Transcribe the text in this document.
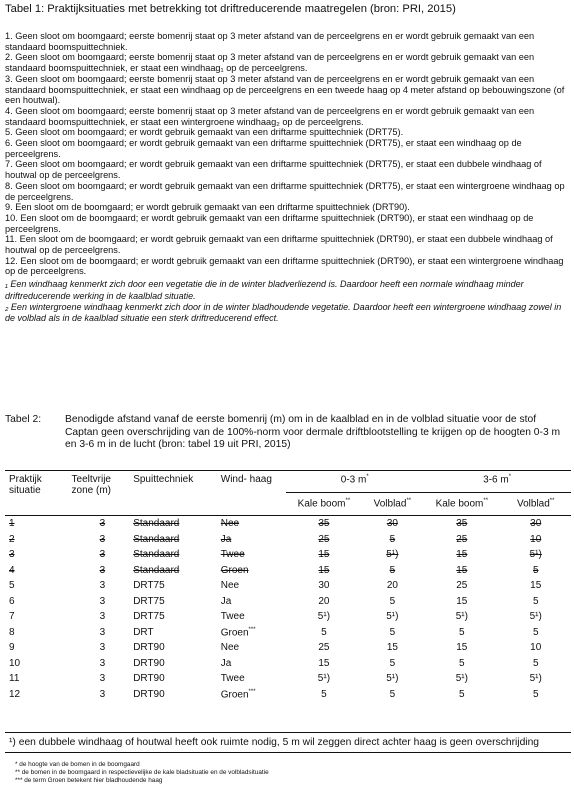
Tabel 1: Praktijksituaties met betrekking tot driftreducerende maatregelen (bron: PRI, 2015)

1. Geen sloot om boomgaard; eerste bomenrij staat op 3 meter afstand van de perceelgrens en er wordt gebruik gemaakt van een standaard boomspuittechniek.

2. Geen sloot om boomgaard; eerste bomenrij staat op 3 meter afstand van de perceelgrens en er wordt gebruik gemaakt van een standaard boomspuittechniek, er staat een windhaag₁ op de perceelgrens.

3. Geen sloot om boomgaard; eerste bomenrij staat op 3 meter afstand van de perceelgrens en er wordt gebruik gemaakt van een standaard boomspuittechniek, er staat een windhaag op de perceelgrens en een tweede haag op 4 meter afstand op bebouwingszone (of een houtwal).

4. Geen sloot om boomgaard; eerste bomenrij staat op 3 meter afstand van de perceelgrens en er wordt gebruik gemaakt van een standaard boomspuittechniek, er staat een wintergroene windhaag₂ op de perceelgrens.

5. Geen sloot om boomgaard; er wordt gebruik gemaakt van een driftarme spuittechniek (DRT75).

6. Geen sloot om boomgaard; er wordt gebruik gemaakt van een driftarme spuittechniek (DRT75), er staat een windhaag op de perceelgrens.

7. Geen sloot om boomgaard; er wordt gebruik gemaakt van een driftarme spuittechniek (DRT75), er staat een dubbele windhaag of houtwal op de perceelgrens.

8. Geen sloot om boomgaard; er wordt gebruik gemaakt van een driftarme spuittechniek (DRT75), er staat een wintergroene windhaag op de perceelgrens.

9. Een sloot om de boomgaard; er wordt gebruik gemaakt van een driftarme spuittechniek (DRT90).

10. Een sloot om de boomgaard; er wordt gebruik gemaakt van een driftarme spuittechniek (DRT90), er staat een windhaag op de perceelgrens.

11. Een sloot om de boomgaard; er wordt gebruik gemaakt van een driftarme spuittechniek (DRT90), er staat een dubbele windhaag of houtwal op de perceelgrens.

12. Een sloot om de boomgaard; er wordt gebruik gemaakt van een driftarme spuittechniek (DRT90), er staat een wintergroene windhaag op de perceelgrens.

₁ Een windhaag kenmerkt zich door een vegetatie die in de winter bladverliezend is. Daardoor heeft een normale windhaag minder driftreducerende werking in de kaalblad situatie.

₂ Een wintergroene windhaag kenmerkt zich door in de winter bladhoudende vegetatie. Daardoor heeft een wintergroene windhaag zowel in de volblad als in de kaalblad situatie een sterk driftreducerend effect.

Tabel 2:	Benodigde afstand vanaf de eerste bomenrij (m) om in de kaalblad en in de volblad situatie voor de stof Captan geen overschrijding van de 100%-norm voor dermale driftblootstelling te krijgen op de hoogten 0-3 m en 3-6 m in de lucht (bron: tabel 19 uit PRI, 2015)
Praktijk situatie	Teeltvrije zone (m)	Spuittechniek	Wind- haag	0-3 m*		3-6 m*
				Kale boom**	Volblad**	Kale boom**	Volblad**
1	3	Standaard	Nee	35	30	35	30
2	3	Standaard	Ja	25	5	25	10
3	3	Standaard	Twee	15	5¹)	15	5¹)
4	3	Standaard	Groen	15	5	15	5
5	3	DRT75	Nee	30	20	25	15
6	3	DRT75	Ja	20	5	15	5
7	3	DRT75	Twee	5¹)	5¹)	5¹)	5¹)
8	3	DRT	Groen***	5	5	5	5
9	3	DRT90	Nee	25	15	15	10
10	3	DRT90	Ja	15	5	5	5
11	3	DRT90	Twee	5¹)	5¹)	5¹)	5¹)
12	3	DRT90	Groen***	5	5	5	5
¹) een dubbele windhaag of houtwal heeft ook ruimte nodig, 5 m wil zeggen direct achter haag is geen overschrijding
* de hoogte van de bomen in de boomgaard
** de bomen in de boomgaard in respectievelijke de kale bladsituatie en de volbladsituatie
*** de term Groen betekent hier bladhoudende haag
